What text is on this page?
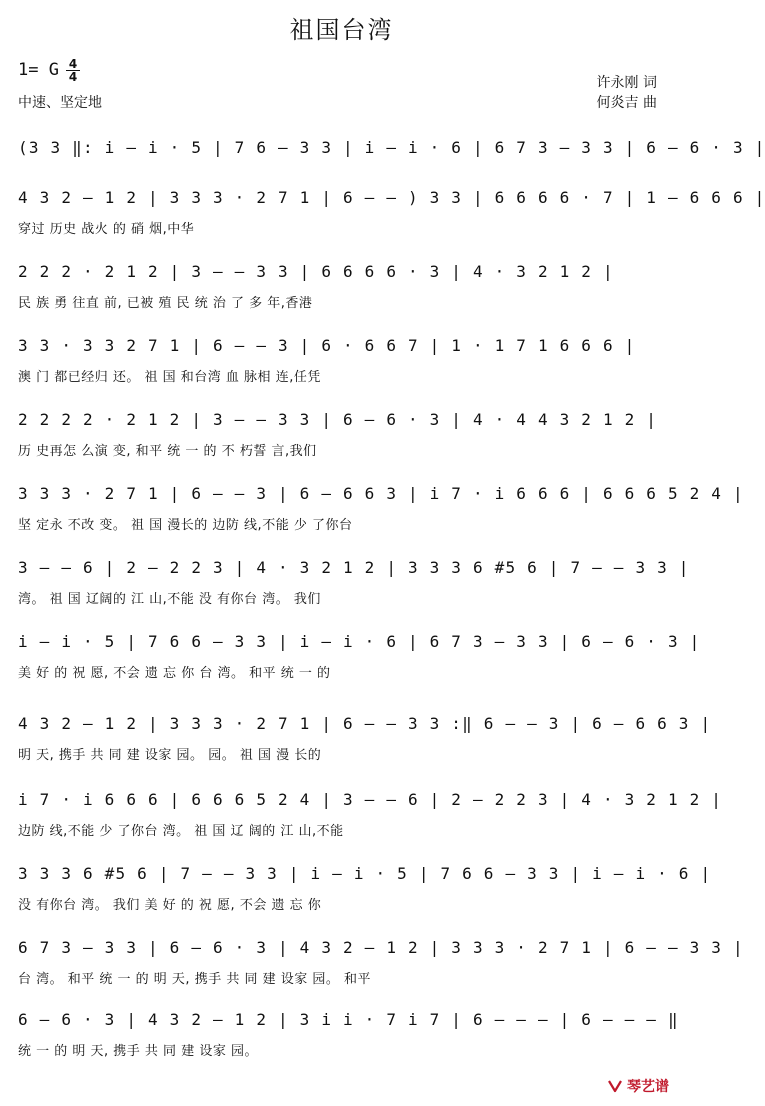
祖国台湾
1= G 4
4
中速、坚定地
许永刚 词
何炎吉 曲
(3 3 ‖: i – i · 5 | 7 6 – 3 3 | i – i · 6 | 6 7 3 – 3 3 | 6 – 6 · 3 |
4 3 2 – 1 2 | 3 3 3 · 2 7 1 | 6 – – ) 3 3 | 6 6 6 6 · 7 | 1 – 6 6 6 |
穿过 历史 战火 的 硝 烟,中华
2 2 2 · 2 1 2 | 3 – – 3 3 | 6 6 6 6 · 3 | 4 · 3 2 1 2 |
民 族 勇 往直 前, 已被 殖 民 统 治 了 多 年,香港
3 3 · 3 3 2 7 1 | 6 – – 3 | 6 · 6 6 7 | 1 · 1 7 1 6 6 6 |
澳 门 都已经归 还。 祖 国 和台湾 血 脉相 连,任凭
2 2 2 2 · 2 1 2 | 3 – – 3 3 | 6 – 6 · 3 | 4 · 4 4 3 2 1 2 |
历 史再怎 么演 变, 和平 统 一 的 不 朽誓 言,我们
3 3 3 · 2 7 1 | 6 – – 3 | 6 – 6 6 3 | i 7 · i 6 6 6 | 6 6 6 5 2 4 |
坚 定永 不改 变。 祖 国 漫长的 边防 线,不能 少 了你台
3 – – 6 | 2 – 2 2 3 | 4 · 3 2 1 2 | 3 3 3 6 #5 6 | 7 – – 3 3 |
湾。 祖 国 辽阔的 江 山,不能 没 有你台 湾。 我们
i – i · 5 | 7 6 6 – 3 3 | i – i · 6 | 6 7 3 – 3 3 | 6 – 6 · 3 |
美 好 的 祝 愿, 不会 遗 忘 你 台 湾。 和平 统 一 的
4 3 2 – 1 2 | 3 3 3 · 2 7 1 | 6 – – 3 3 :‖ 6 – – 3 | 6 – 6 6 3 |
明 天, 携手 共 同 建 设家 园。 园。 祖 国 漫 长的
i 7 · i 6 6 6 | 6 6 6 5 2 4 | 3 – – 6 | 2 – 2 2 3 | 4 · 3 2 1 2 |
边防 线,不能 少 了你台 湾。 祖 国 辽 阔的 江 山,不能
3 3 3 6 #5 6 | 7 – – 3 3 | i – i · 5 | 7 6 6 – 3 3 | i – i · 6 |
没 有你台 湾。 我们 美 好 的 祝 愿, 不会 遗 忘 你
6 7 3 – 3 3 | 6 – 6 · 3 | 4 3 2 – 1 2 | 3 3 3 · 2 7 1 | 6 – – 3 3 |
台 湾。 和平 统 一 的 明 天, 携手 共 同 建 设家 园。 和平
6 – 6 · 3 | 4 3 2 – 1 2 | 3 i i · 7 i 7 | 6 – – – | 6 – – – ‖
统 一 的 明 天, 携手 共 同 建 设家 园。
琴艺谱
